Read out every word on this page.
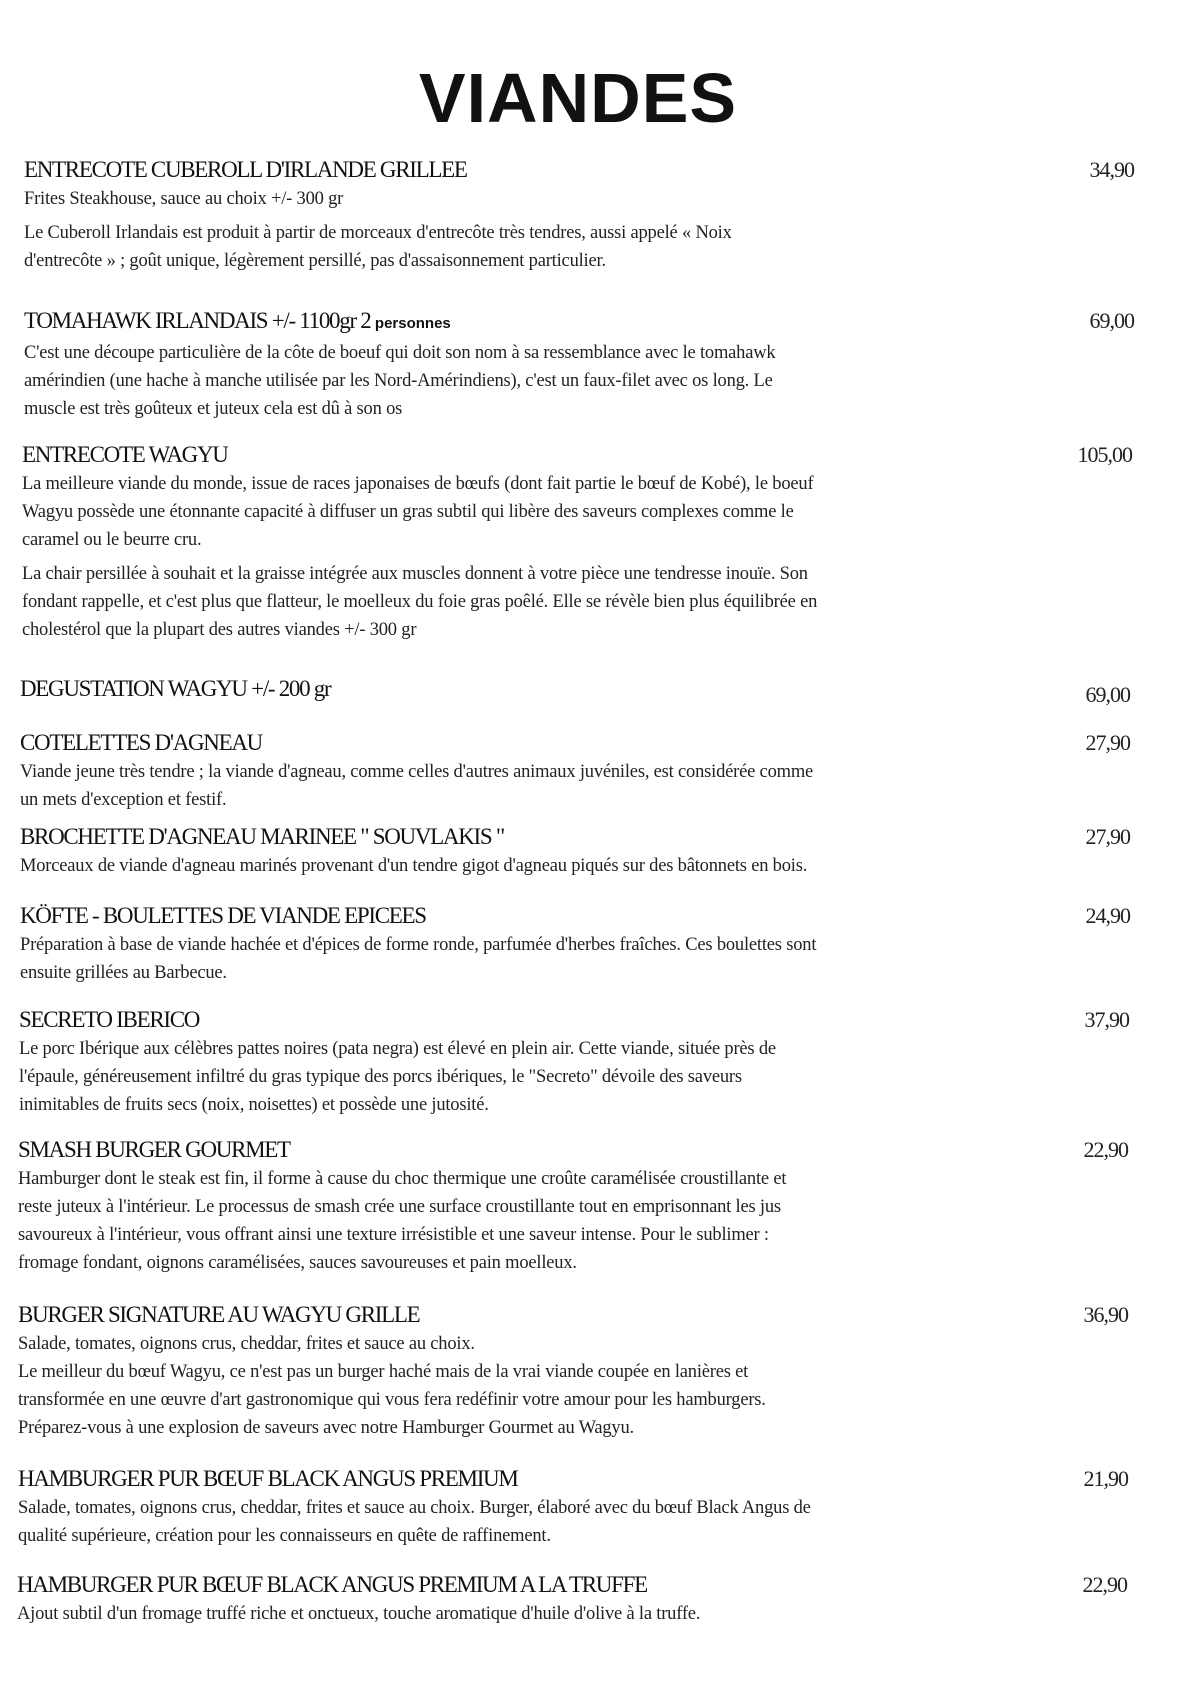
VIANDES
ENTRECOTE CUBEROLL D'IRLANDE GRILLEE	34,90
Frites Steakhouse, sauce au choix +/- 300 gr
Le Cuberoll Irlandais est produit à partir de morceaux d'entrecôte très tendres, aussi appelé « Noix
d'entrecôte » ; goût unique, légèrement persillé, pas d'assaisonnement particulier.
TOMAHAWK IRLANDAIS +/- 1100gr 2 personnes	69,00
C'est une découpe particulière de la côte de boeuf qui doit son nom à sa ressemblance avec le tomahawk
amérindien (une hache à manche utilisée par les Nord-Amérindiens), c'est un faux-filet avec os long. Le
muscle est très goûteux et juteux cela est dû à son os
ENTRECOTE WAGYU	105,00
La meilleure viande du monde, issue de races japonaises de bœufs (dont fait partie le bœuf de Kobé), le boeuf
Wagyu possède une étonnante capacité à diffuser un gras subtil qui libère des saveurs complexes comme le
caramel ou le beurre cru.
La chair persillée à souhait et la graisse intégrée aux muscles donnent à votre pièce une tendresse inouïe. Son
fondant rappelle, et c'est plus que flatteur, le moelleux du foie gras poêlé. Elle se révèle bien plus équilibrée en
cholestérol que la plupart des autres viandes +/- 300 gr
DEGUSTATION WAGYU +/- 200 gr	69,00
COTELETTES D'AGNEAU	27,90
Viande jeune très tendre ; la viande d'agneau, comme celles d'autres animaux juvéniles, est considérée comme
un mets d'exception et festif.
BROCHETTE D'AGNEAU MARINEE " SOUVLAKIS "	27,90
Morceaux de viande d'agneau marinés provenant d'un tendre gigot d'agneau piqués sur des bâtonnets en bois.
KÖFTE - BOULETTES DE VIANDE EPICEES	24,90
Préparation à base de viande hachée et d'épices de forme ronde, parfumée d'herbes fraîches. Ces boulettes sont
ensuite grillées au Barbecue.
SECRETO IBERICO	37,90
Le porc Ibérique aux célèbres pattes noires (pata negra) est élevé en plein air. Cette viande, située près de
l'épaule, généreusement infiltré du gras typique des porcs ibériques, le "Secreto" dévoile des saveurs
inimitables de fruits secs (noix, noisettes) et possède une jutosité.
SMASH BURGER GOURMET	22,90
Hamburger dont le steak est fin, il forme à cause du choc thermique une croûte caramélisée croustillante et
reste juteux à l'intérieur. Le processus de smash crée une surface croustillante tout en emprisonnant les jus
savoureux à l'intérieur, vous offrant ainsi une texture irrésistible et une saveur intense. Pour le sublimer :
fromage fondant, oignons caramélisées, sauces savoureuses et pain moelleux.
BURGER SIGNATURE AU WAGYU GRILLE	36,90
Salade, tomates, oignons crus, cheddar, frites et sauce au choix.
Le meilleur du bœuf Wagyu, ce n'est pas un burger haché mais de la vrai viande coupée en lanières et
transformée en une œuvre d'art gastronomique qui vous fera redéfinir votre amour pour les hamburgers.
Préparez-vous à une explosion de saveurs avec notre Hamburger Gourmet au Wagyu.
HAMBURGER PUR BŒUF BLACK ANGUS PREMIUM	21,90
Salade, tomates, oignons crus, cheddar, frites et sauce au choix. Burger, élaboré avec du bœuf Black Angus de
qualité supérieure, création pour les connaisseurs en quête de raffinement.
HAMBURGER PUR BŒUF BLACK ANGUS PREMIUM A LA TRUFFE	22,90
Ajout subtil d'un fromage truffé riche et onctueux, touche aromatique d'huile d'olive à la truffe.
